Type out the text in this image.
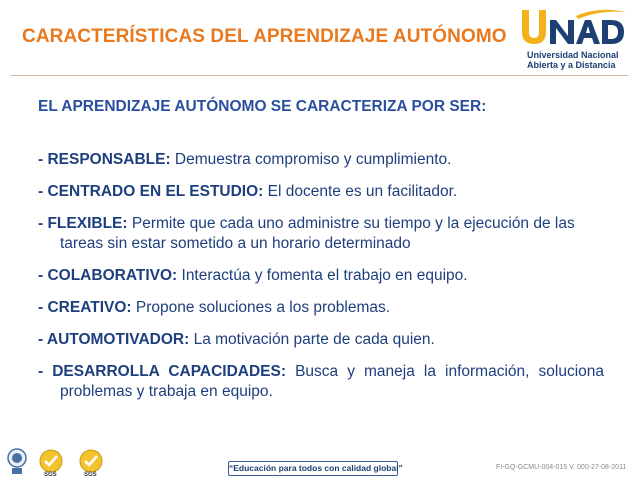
CARACTERÍSTICAS DEL APRENDIZAJE AUTÓNOMO
Universidad Nacional
Abierta y a Distancia
EL APRENDIZAJE AUTÓNOMO SE CARACTERIZA POR SER:
- RESPONSABLE: Demuestra compromiso y cumplimiento.
- CENTRADO EN EL ESTUDIO: El docente es un facilitador.
- FLEXIBLE: Permite que cada uno administre su tiempo y la ejecución de las tareas sin estar sometido a un horario determinado
- COLABORATIVO: Interactúa y fomenta el trabajo en equipo.
- CREATIVO: Propone soluciones a los problemas.
- AUTOMOTIVADOR: La motivación parte de cada quien.
- DESARROLLA CAPACIDADES: Busca y maneja la información, soluciona problemas y trabaja en equipo.
SGS	SGS
“Educación para todos con calidad global”	FI-GQ-GCMU-004-015 V. 000-27-08-2011
